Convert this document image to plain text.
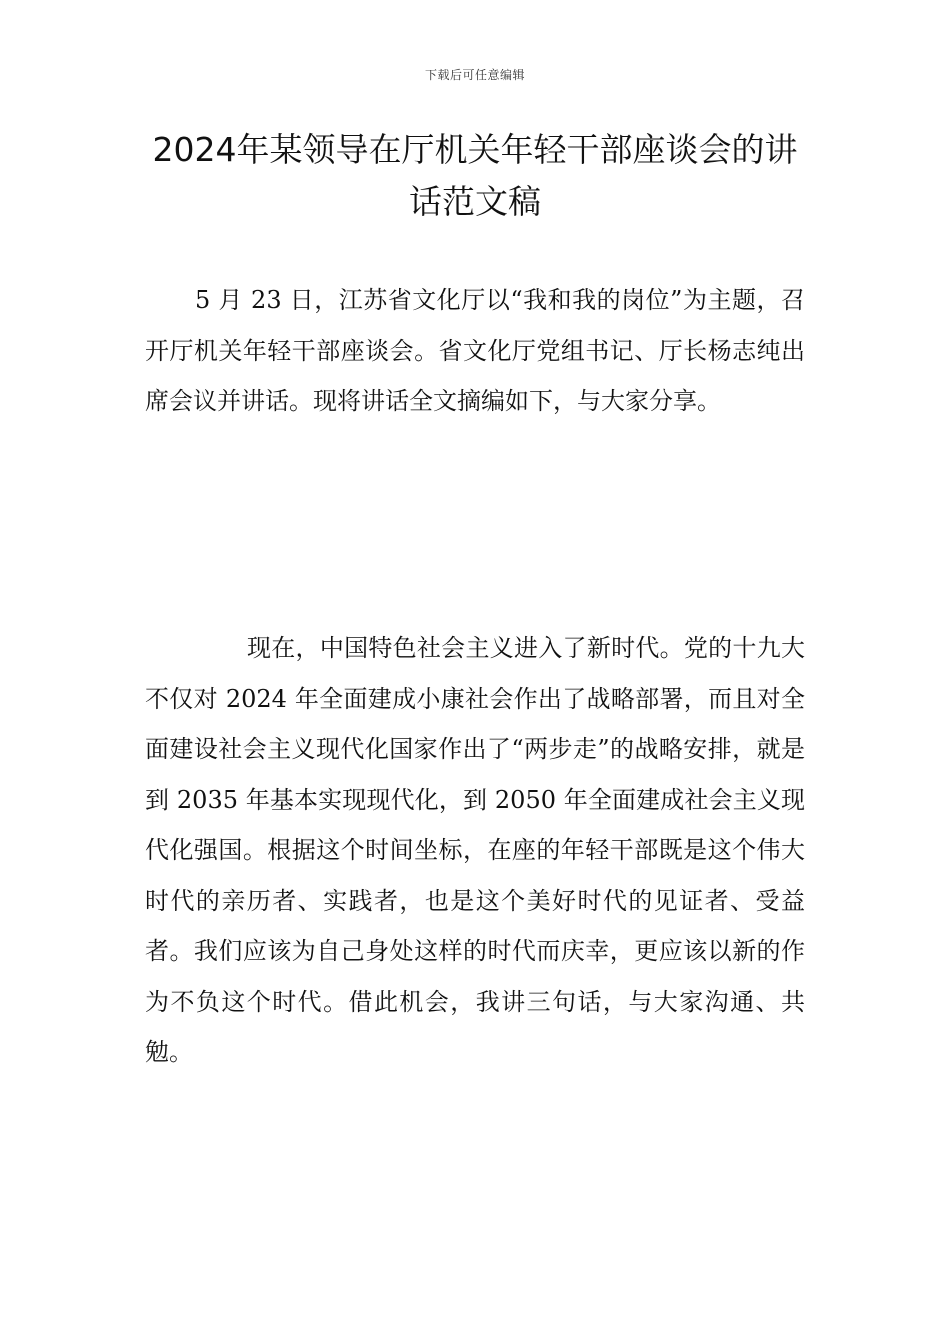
下载后可任意编辑
2024年某领导在厅机关年轻干部座谈会的讲话范文稿

5 月 23 日，江苏省文化厅以“我和我的岗位”为主题，召开厅机关年轻干部座谈会。省文化厅党组书记、厅长杨志纯出席会议并讲话。现将讲话全文摘编如下，与大家分享。

现在，中国特色社会主义进入了新时代。党的十九大不仅对 2024 年全面建成小康社会作出了战略部署，而且对全面建设社会主义现代化国家作出了“两步走”的战略安排，就是到 2035 年基本实现现代化，到 2050 年全面建成社会主义现代化强国。根据这个时间坐标，在座的年轻干部既是这个伟大时代的亲历者、实践者，也是这个美好时代的见证者、受益者。我们应该为自己身处这样的时代而庆幸，更应该以新的作为不负这个时代。借此机会，我讲三句话，与大家沟通、共勉。
